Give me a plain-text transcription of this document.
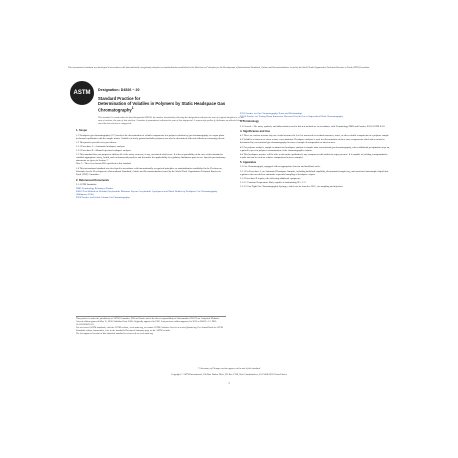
This international standard was developed in accordance with internationally recognized principles on standardization established in the Decision on Principles for the Development of International Standards, Guides and Recommendations issued by the World Trade Organization Technical Barriers to Trade (TBT) Committee.
ASTM	Designation: D4526 − 20
Standard Practice for
Determination of Volatiles in Polymers by Static Headspace Gas Chromatography$^1$
This standard is issued under the fixed designation D4526; the number immediately following the designation indicates the year of original adoption or, in the case of revision, the year of last revision. A number in parentheses indicates the year of last reapproval. A superscript epsilon (ε) indicates an editorial change since the last revision or reapproval.
1. Scope

1.1 Headspace gas chromatography (GC) involves the determination of volatile components in a polymer solution by gas chromatography of a vapor phase in thermal equilibrium with the sample matrix. Volatiles in finely ground insoluble polymers can also be determined with and without an extracting solvent.

1.2 This practice provides two procedures:

1.2.1 Procedure A—Automatic headspace analysis.

1.2.2 Procedure B—Manual injection headspace analysis.

1.3 This standard does not purport to address all of the safety concerns, if any, associated with its use. It is the responsibility of the user of this standard to establish appropriate safety, health, and environmental practices and determine the applicability of regulatory limitations prior to use. Specific precautionary statements are given in Section 7.

Note 1—There is no known ISO equivalent to this standard.

1.4 This international standard was developed in accordance with internationally recognized principles on standardization established in the Decision on Principles for the Development of International Standards, Guides and Recommendations issued by the World Trade Organization Technical Barriers to Trade (TBT) Committee.

2. Referenced Documents

2.1 ASTM Standards:

D883 Terminology Relating to Plastics
D4322 Test Method for Residual Acrylonitrile Monomer Styrene-Acrylonitrile Copolymers and Nitrile Rubber by Headspace Gas Chromatography (Withdrawn 2010)
E260 Practice for Packed Column Gas Chromatography
This practice is under the jurisdiction of ASTM Committee D20 on Plastics and is the direct responsibility of Subcommittee D20.70 on Analytical Methods.
Current edition approved May 15, 2020. Published June 2020. Originally approved in 1985. Last previous edition approved in 2012 as D4526 - 12. DOI: 10.1520/D4526-20.
For referenced ASTM standards, visit the ASTM website, www.astm.org, or contact ASTM Customer Service at service@astm.org. For Annual Book of ASTM Standards volume information, refer to the standard's Document Summary page on the ASTM website.
The last approved version of this historical standard is referenced on www.astm.org.
E355 Practice for Gas Chromatography Terms and Relationships
E1510 Practice for Testing Planar Immersion Detectors Used in Gas or Supercritical Fluid Chromatography
3. Terminology

3.1 General—The units, symbols, and abbreviations used in this test method are in accordance with Terminology D883 and Practice E355/ASTM E-10.

4. Significance and Use

4.1 There are various reasons why one would measure the level of unreacted or residual monomer, water, or other volatile components in a polymer sample.

4.2 Volatiles of interest are often at trace concentrations. Headspace analysis is used for determination of these trace components which often cannot be determined by conventional gas chromatography because of sample decomposition or interferences.

4.3 For polymer analysis, sample treatment for headspace analysis is simpler than conventional gas chromatography, where additional precipitation steps are required to prevent polymer contamination of the chromatographic column.

4.4 This headspace practice will be able to determine qualitatively any component with sufficient vapor pressure. It is capable of yielding semiquantitative results and can be used for relative comparisons between samples.

5. Apparatus

5.1 Gas Chromatograph, equipped with an appropriate detector and backflush valve.

5.1.1 For Procedure A, an Automated Headspace Sampler, including backflush capability, thermostated sample tray, and associated autosampler liquid dose regulator when needed for automatic sequential sampling of headspace vapors.

5.1.2 Procedure B requires the following additional equipment:

5.1.2.1 Constant Temperature Bath, capable of maintaining 90 ± 1°C.

5.1.2.2 Gas-Tight Gas Chromatographic Syringes, which can be heated to 90°C, for sampling and injection.

*A Summary of Changes section appears at the end of this standard
Copyright © ASTM International, 100 Barr Harbor Drive, PO Box C700, West Conshohocken, PA 19428-2959. United States
1
